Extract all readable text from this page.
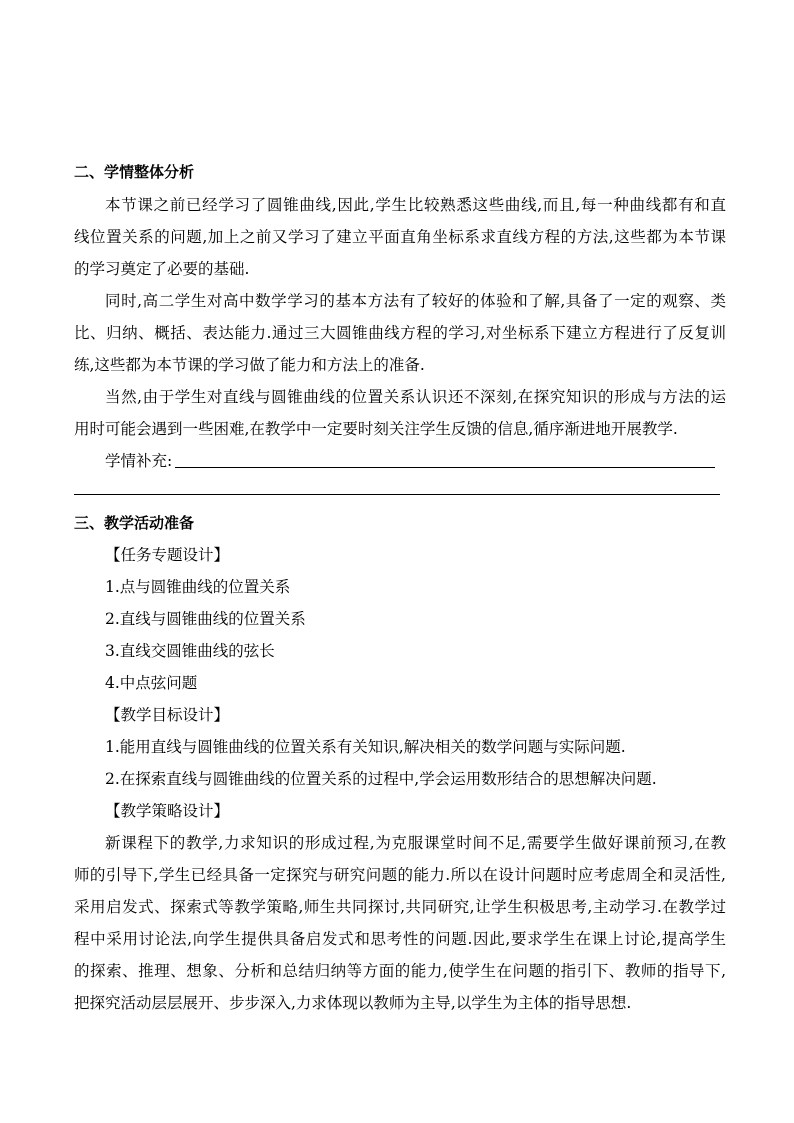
二、学情整体分析
本节课之前已经学习了圆锥曲线,因此,学生比较熟悉这些曲线,而且,每一种曲线都有和直
线位置关系的问题,加上之前又学习了建立平面直角坐标系求直线方程的方法,这些都为本节课
的学习奠定了必要的基础.
同时,高二学生对高中数学学习的基本方法有了较好的体验和了解,具备了一定的观察、类
比、归纳、概括、表达能力.通过三大圆锥曲线方程的学习,对坐标系下建立方程进行了反复训
练,这些都为本节课的学习做了能力和方法上的准备.
当然,由于学生对直线与圆锥曲线的位置关系认识还不深刻,在探究知识的形成与方法的运
用时可能会遇到一些困难,在教学中一定要时刻关注学生反馈的信息,循序渐进地开展教学.
学情补充:
三、教学活动准备
【任务专题设计】
1.点与圆锥曲线的位置关系
2.直线与圆锥曲线的位置关系
3.直线交圆锥曲线的弦长
4.中点弦问题
【教学目标设计】
1.能用直线与圆锥曲线的位置关系有关知识,解决相关的数学问题与实际问题.
2.在探索直线与圆锥曲线的位置关系的过程中,学会运用数形结合的思想解决问题.
【教学策略设计】
新课程下的教学,力求知识的形成过程,为克服课堂时间不足,需要学生做好课前预习,在教
师的引导下,学生已经具备一定探究与研究问题的能力.所以在设计问题时应考虑周全和灵活性,
采用启发式、探索式等教学策略,师生共同探讨,共同研究,让学生积极思考,主动学习.在教学过
程中采用讨论法,向学生提供具备启发式和思考性的问题.因此,要求学生在课上讨论,提高学生
的探索、推理、想象、分析和总结归纳等方面的能力,使学生在问题的指引下、教师的指导下,
把探究活动层层展开、步步深入,力求体现以教师为主导,以学生为主体的指导思想.
